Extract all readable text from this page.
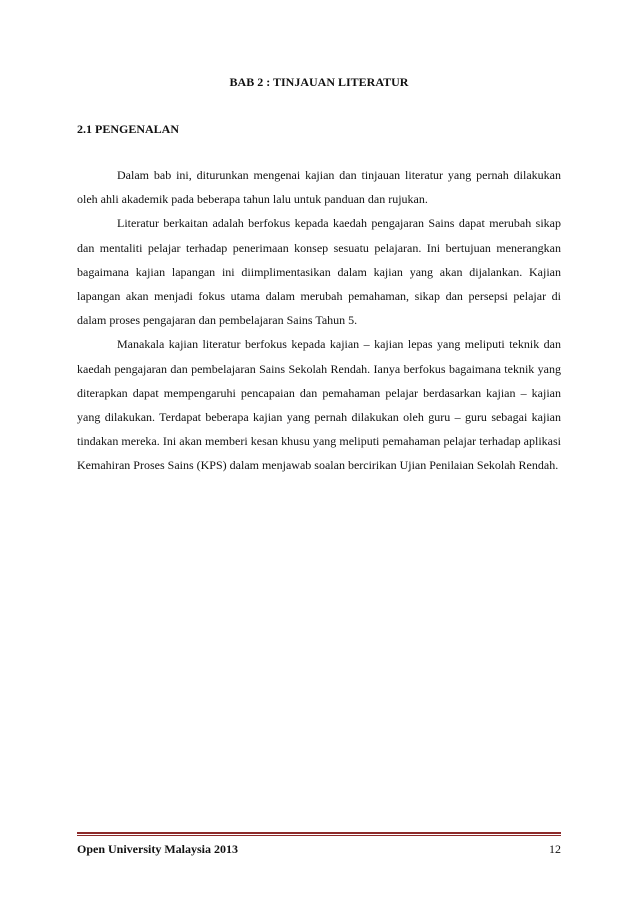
BAB 2 : TINJAUAN LITERATUR
2.1 PENGENALAN

Dalam bab ini, diturunkan mengenai kajian dan tinjauan literatur yang pernah dilakukan oleh ahli akademik pada beberapa tahun lalu untuk panduan dan rujukan.

Literatur berkaitan adalah berfokus kepada kaedah pengajaran Sains dapat merubah sikap dan mentaliti pelajar terhadap penerimaan konsep sesuatu pelajaran. Ini bertujuan menerangkan bagaimana kajian lapangan ini diimplimentasikan dalam kajian yang akan dijalankan. Kajian lapangan akan menjadi fokus utama dalam merubah pemahaman, sikap dan persepsi pelajar di dalam proses pengajaran dan pembelajaran Sains Tahun 5.

Manakala kajian literatur berfokus kepada kajian – kajian lepas yang meliputi teknik dan kaedah pengajaran dan pembelajaran Sains Sekolah Rendah. Ianya berfokus bagaimana teknik yang diterapkan dapat mempengaruhi pencapaian dan pemahaman pelajar berdasarkan kajian – kajian yang dilakukan. Terdapat beberapa kajian yang pernah dilakukan oleh guru – guru sebagai kajian tindakan mereka. Ini akan memberi kesan khusu yang meliputi pemahaman pelajar terhadap aplikasi Kemahiran Proses Sains (KPS) dalam menjawab soalan bercirikan Ujian Penilaian Sekolah Rendah.

Open University Malaysia 2013	12
